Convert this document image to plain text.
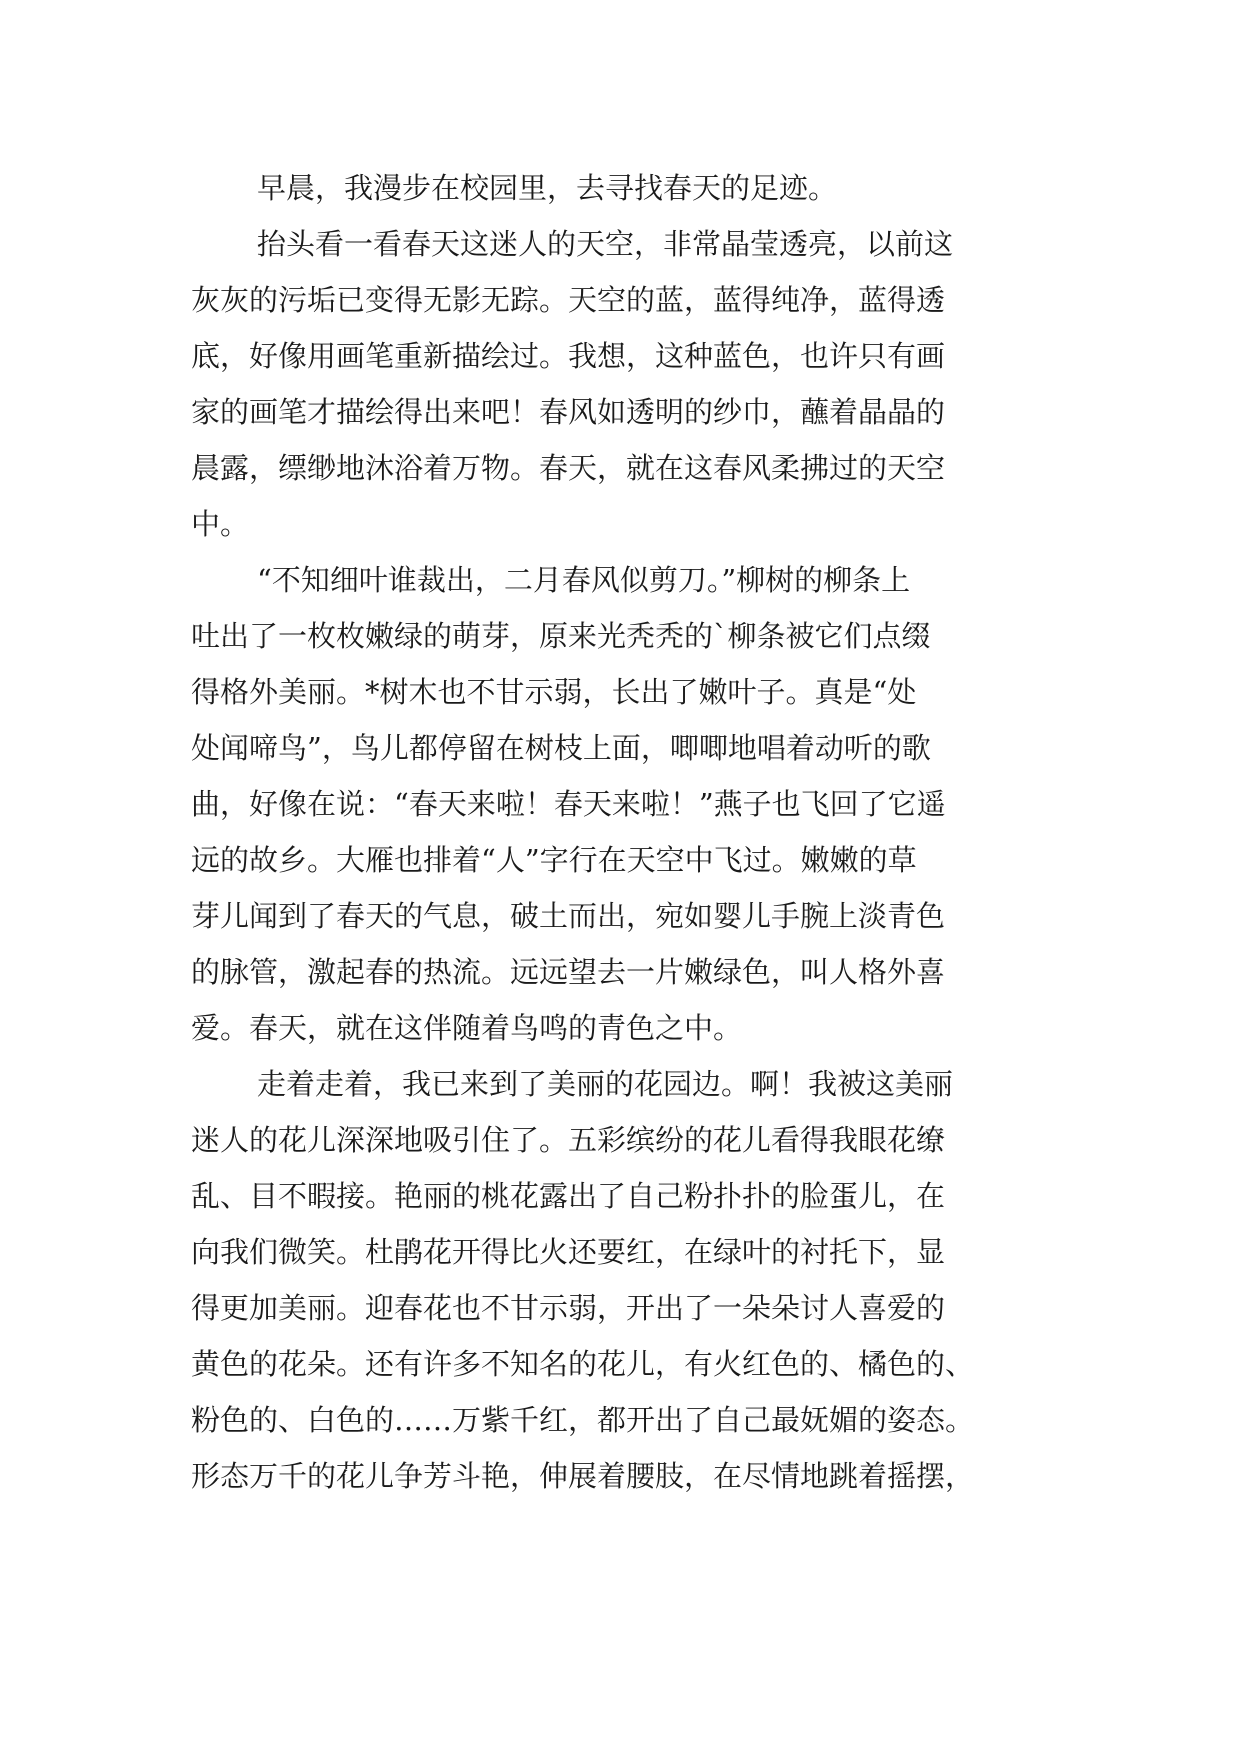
早晨，我漫步在校园里，去寻找春天的足迹。
抬头看一看春天这迷人的天空，非常晶莹透亮，以前这
灰灰的污垢已变得无影无踪。天空的蓝，蓝得纯净，蓝得透
底，好像用画笔重新描绘过。我想，这种蓝色，也许只有画
家的画笔才描绘得出来吧！春风如透明的纱巾，蘸着晶晶的
晨露，缥缈地沐浴着万物。春天，就在这春风柔拂过的天空
中。
“不知细叶谁裁出，二月春风似剪刀。”柳树的柳条上
吐出了一枚枚嫩绿的萌芽，原来光秃秃的`柳条被它们点缀
得格外美丽。*树木也不甘示弱，长出了嫩叶子。真是“处
处闻啼鸟”，鸟儿都停留在树枝上面，唧唧地唱着动听的歌
曲，好像在说：“春天来啦！春天来啦！”燕子也飞回了它遥
远的故乡。大雁也排着“人”字行在天空中飞过。嫩嫩的草
芽儿闻到了春天的气息，破土而出，宛如婴儿手腕上淡青色
的脉管，激起春的热流。远远望去一片嫩绿色，叫人格外喜
爱。春天，就在这伴随着鸟鸣的青色之中。
走着走着，我已来到了美丽的花园边。啊！我被这美丽
迷人的花儿深深地吸引住了。五彩缤纷的花儿看得我眼花缭
乱、目不暇接。艳丽的桃花露出了自己粉扑扑的脸蛋儿，在
向我们微笑。杜鹃花开得比火还要红，在绿叶的衬托下，显
得更加美丽。迎春花也不甘示弱，开出了一朵朵讨人喜爱的
黄色的花朵。还有许多不知名的花儿，有火红色的、橘色的、
粉色的、白色的……万紫千红，都开出了自己最妩媚的姿态。
形态万千的花儿争芳斗艳，伸展着腰肢，在尽情地跳着摇摆，
